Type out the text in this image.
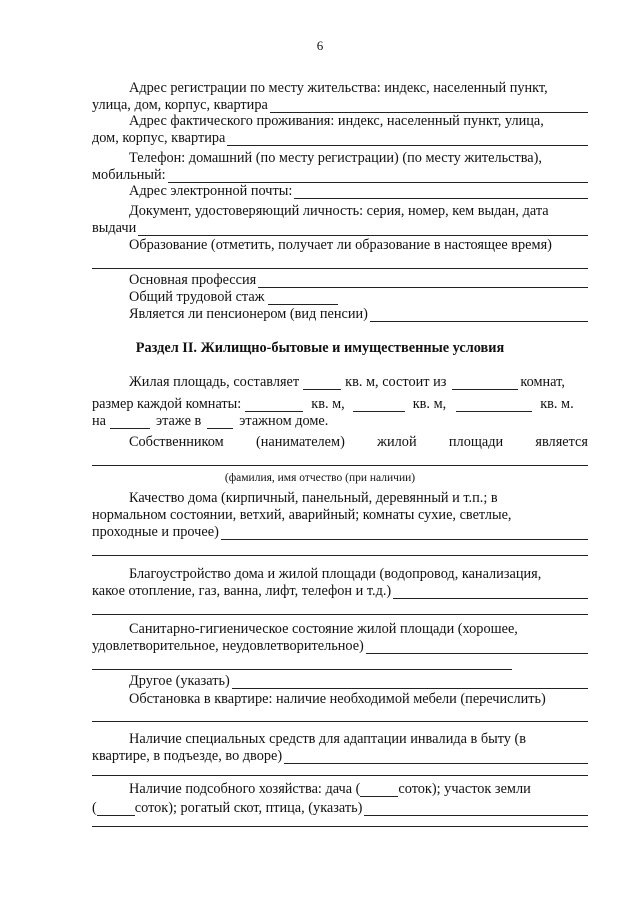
6
Адрес регистрации по месту жительства: индекс, населенный пункт,
улица, дом, корпус, квартира
Адрес фактического проживания: индекс, населенный пункт, улица,
дом, корпус, квартира
Телефон: домашний (по месту регистрации) (по месту жительства),
мобильный:
Адрес электронной почты:
Документ, удостоверяющий личность: серия, номер, кем выдан, дата
выдачи
Образование (отметить, получает ли образование в настоящее время)
Основная профессия
Общий трудовой стаж
Является ли пенсионером (вид пенсии)
Раздел II. Жилищно-бытовые и имущественные условия
Жилая площадь, составляет	кв. м, состоит из	комнат,
размер каждой комнаты:	кв. м,	кв. м,	кв. м.
на	этаже в	этажном доме.
Собственником (нанимателем) жилой площади является
(фамилия, имя отчество (при наличии)
Качество дома (кирпичный, панельный, деревянный и т.п.; в
нормальном состоянии, ветхий, аварийный; комнаты сухие, светлые,
проходные и прочее)
Благоустройство дома и жилой площади (водопровод, канализация,
какое отопление, газ, ванна, лифт, телефон и т.д.)
Санитарно-гигиеническое состояние жилой площади (хорошее,
удовлетворительное, неудовлетворительное)
Другое (указать)
Обстановка в квартире: наличие необходимой мебели (перечислить)
Наличие специальных средств для адаптации инвалида в быту (в
квартире, в подъезде, во дворе)
Наличие подсобного хозяйства: дача (	соток); участок земли
(	соток); рогатый скот, птица, (указать)
